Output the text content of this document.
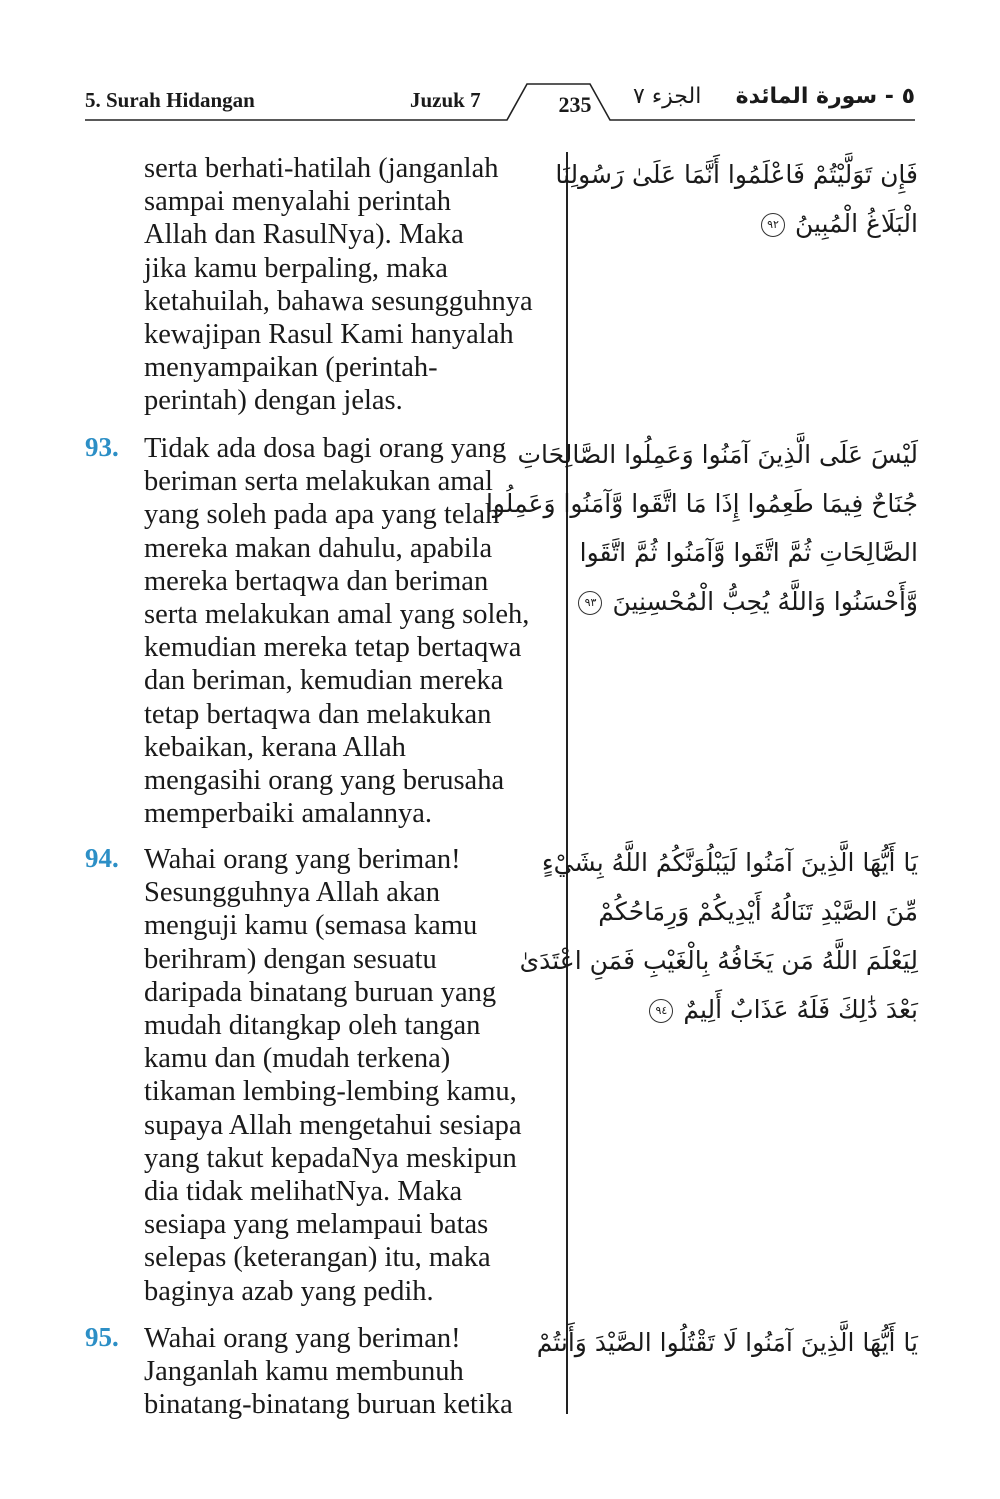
5. Surah Hidangan	Juzuk 7	235	الجزء ٧ ٥ - سورة المائدة
serta berhati-hatilah (janganlah
sampai menyalahi perintah
Allah dan RasulNya). Maka
jika kamu berpaling, maka
ketahuilah, bahawa sesungguhnya
kewajipan Rasul Kami hanyalah
menyampaikan (perintah-
perintah) dengan jelas.
فَإِن تَوَلَّيْتُمْ فَاعْلَمُوا أَنَّمَا عَلَىٰ رَسُولِنَا
الْبَلَاغُ الْمُبِينُ ٩٢
93. Tidak ada dosa bagi orang yang
beriman serta melakukan amal
yang soleh pada apa yang telah
mereka makan dahulu, apabila
mereka bertaqwa dan beriman
serta melakukan amal yang soleh,
kemudian mereka tetap bertaqwa
dan beriman, kemudian mereka
tetap bertaqwa dan melakukan
kebaikan, kerana Allah
mengasihi orang yang berusaha
memperbaiki amalannya.
لَيْسَ عَلَى الَّذِينَ آمَنُوا وَعَمِلُوا الصَّالِحَاتِ
جُنَاحٌ فِيمَا طَعِمُوا إِذَا مَا اتَّقَوا وَّآمَنُوا وَعَمِلُوا
الصَّالِحَاتِ ثُمَّ اتَّقَوا وَّآمَنُوا ثُمَّ اتَّقَوا
وَّأَحْسَنُوا وَاللَّهُ يُحِبُّ الْمُحْسِنِينَ ٩٣
94. Wahai orang yang beriman!
Sesungguhnya Allah akan
menguji kamu (semasa kamu
berihram) dengan sesuatu
daripada binatang buruan yang
mudah ditangkap oleh tangan
kamu dan (mudah terkena)
tikaman lembing-lembing kamu,
supaya Allah mengetahui sesiapa
yang takut kepadaNya meskipun
dia tidak melihatNya. Maka
sesiapa yang melampaui batas
selepas (keterangan) itu, maka
baginya azab yang pedih.
يَا أَيُّهَا الَّذِينَ آمَنُوا لَيَبْلُوَنَّكُمُ اللَّهُ بِشَيْءٍ
مِّنَ الصَّيْدِ تَنَالُهُ أَيْدِيكُمْ وَرِمَاحُكُمْ
لِيَعْلَمَ اللَّهُ مَن يَخَافُهُ بِالْغَيْبِ فَمَنِ اعْتَدَىٰ
بَعْدَ ذَٰلِكَ فَلَهُ عَذَابٌ أَلِيمٌ ٩٤
95. Wahai orang yang beriman!
Janganlah kamu membunuh
binatang-binatang buruan ketika
يَا أَيُّهَا الَّذِينَ آمَنُوا لَا تَقْتُلُوا الصَّيْدَ وَأَنتُمْ
